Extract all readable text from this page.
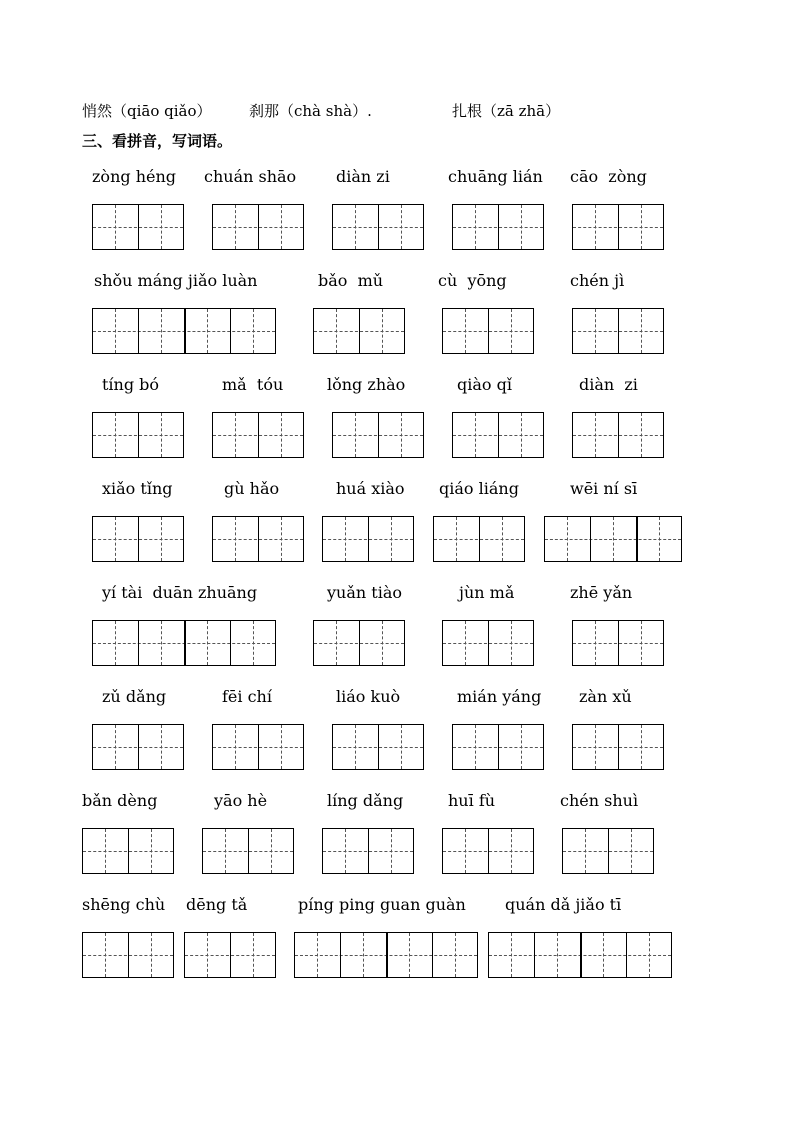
悄然（qiāo qiǎo） 刹那（chà shà）.	扎根（zā zhā）
三、看拼音，写词语。
zòng héng chuán shāo diàn zi	chuāng lián cāo  zòng
shǒu máng jiǎo luàn	bǎo  mǔ	cù  yōng	chén jì
tíng bó	mǎ  tóu	lǒng zhào	qiào qǐ	diàn  zi
xiǎo tǐng	gù hǎo	huá xiào qiáo liáng	wēi ní sī
yí tài  duān zhuāng	yuǎn tiào	jùn mǎ	zhē yǎn
zǔ dǎng	fēi chí	liáo kuò	mián yáng zàn xǔ
bǎn dèng	yāo hè	líng dǎng	huī fù	chén shuì
shēng chù dēng tǎ	píng ping guan guàn quán dǎ jiǎo tī
